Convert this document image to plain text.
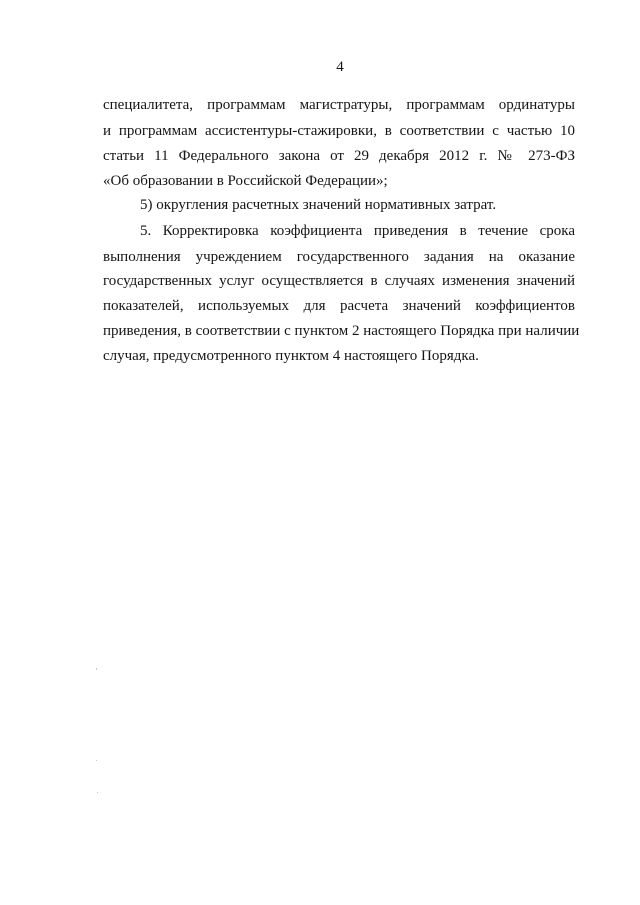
4
специалитета, программам магистратуры, программам ординатуры
и программам ассистентуры-стажировки, в соответствии с частью 10
статьи 11 Федерального закона от 29 декабря 2012 г. № 273-ФЗ
«Об образовании в Российской Федерации»;
5) округления расчетных значений нормативных затрат.
5. Корректировка коэффициента приведения в течение срока
выполнения учреждением государственного задания на оказание
государственных услуг осуществляется в случаях изменения значений
показателей, используемых для расчета значений коэффициентов
приведения, в соответствии с пунктом 2 настоящего Порядка при наличии
случая, предусмотренного пунктом 4 настоящего Порядка.
